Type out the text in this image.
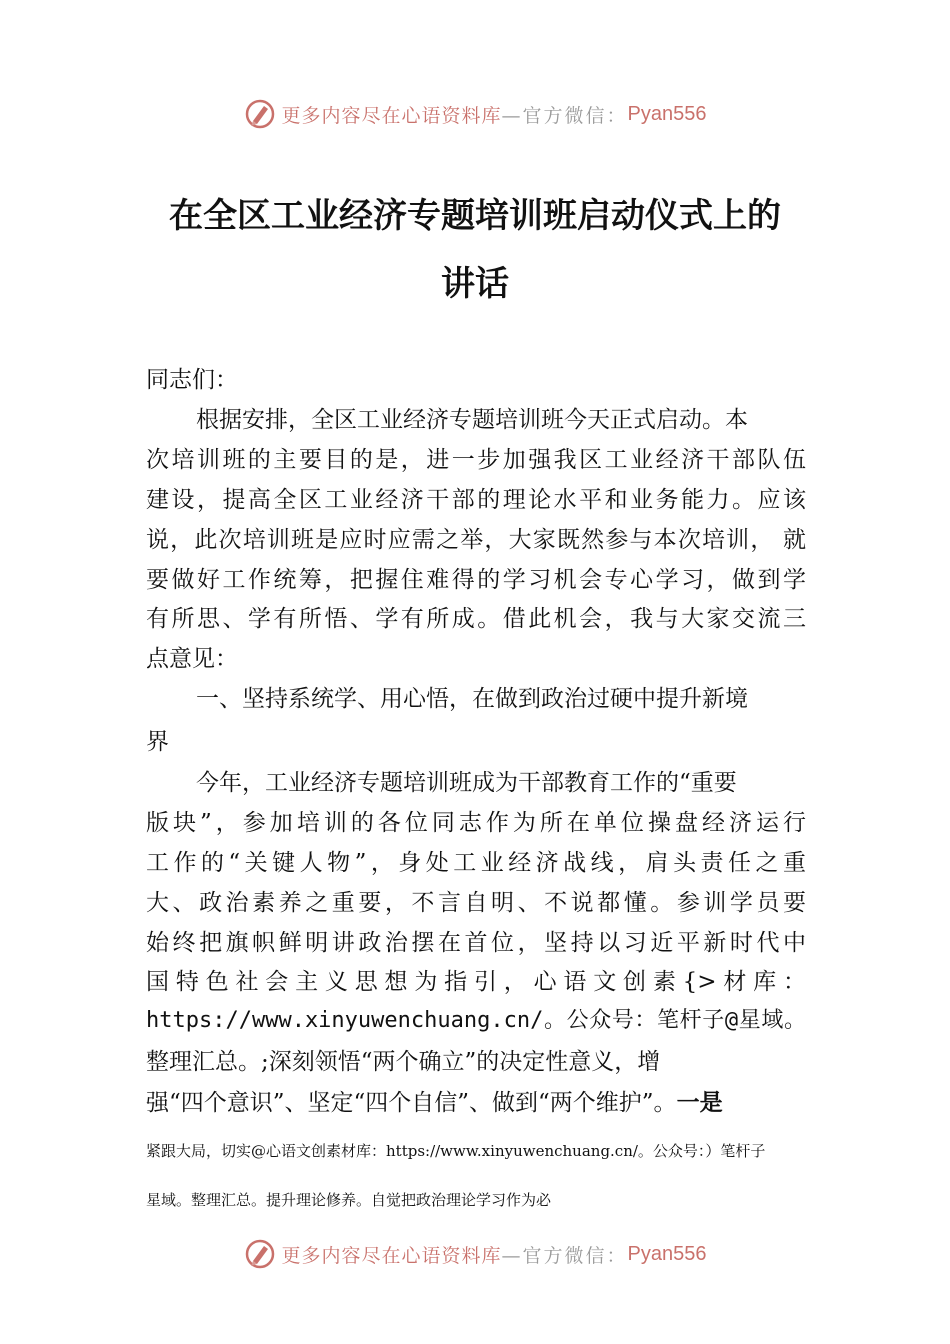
更多内容尽在心语资料库 —官方微信： Pyan556
在全区工业经济专题培训班启动仪式上的
讲话
同志们：
根据安排，全区工业经济专题培训班今天正式启动。本
次培训班的主要目的是，进一步加强我区工业经济干部队伍
建设，提高全区工业经济干部的理论水平和业务能力。应该
说，此次培训班是应时应需之举，大家既然参与本次培训， 就
要做好工作统筹，把握住难得的学习机会专心学习，做到学
有所思、学有所悟、学有所成。借此机会，我与大家交流三
点意见：
一、坚持系统学、用心悟，在做到政治过硬中提升新境
界
今年，工业经济专题培训班成为干部教育工作的“重要
版块”，参加培训的各位同志作为所在单位操盘经济运行
工作的“关键人物”，身处工业经济战线，肩头责任之重
大、政治素养之重要，不言自明、不说都懂。参训学员要
始终把旗帜鲜明讲政治摆在首位，坚持以习近平新时代中
国特色社会主义思想为指引，心语文创素{>材库：
https://www.xinyuwenchuang.cn/。公众号：笔杆子@星域。
整理汇总。;深刻领悟“两个确立”的决定性意义，增
强“四个意识”、坚定“四个自信”、做到“两个维护”。一是
紧跟大局，切实@心语文创素材库：https://www.xinyuwenchuang.cn/。公众号：）笔杆子
星域。整理汇总。提升理论修养。自觉把政治理论学习作为必
更多内容尽在心语资料库 —官方微信： Pyan556
